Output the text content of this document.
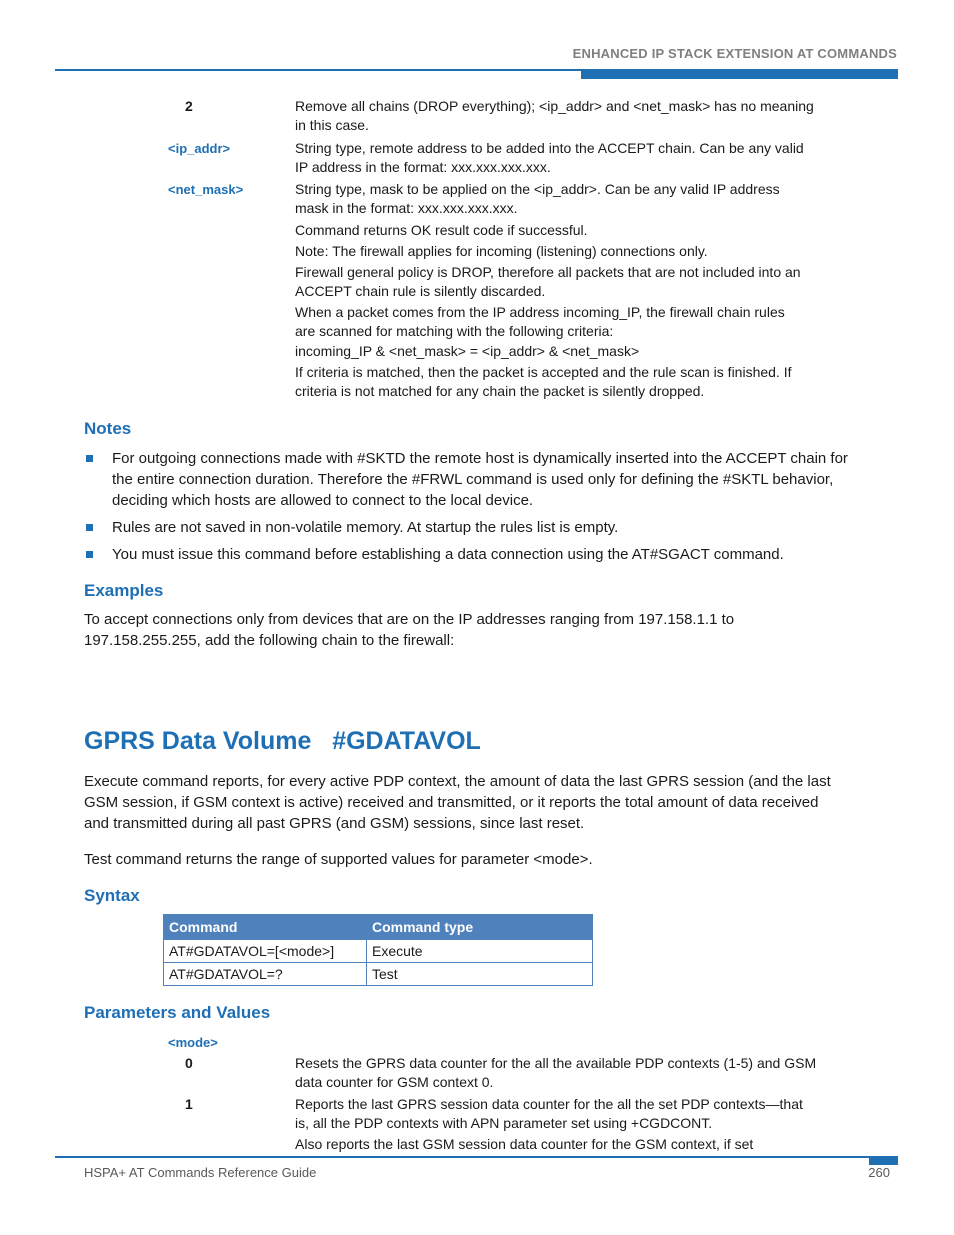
ENHANCED IP STACK EXTENSION AT COMMANDS
2	Remove all chains (DROP everything); <ip_addr> and <net_mask> has no meaning
in this case.
<ip_addr>	String type, remote address to be added into the ACCEPT chain. Can be any valid
IP address in the format: xxx.xxx.xxx.xxx.
<net_mask>	String type, mask to be applied on the <ip_addr>. Can be any valid IP address
mask in the format: xxx.xxx.xxx.xxx.
Command returns OK result code if successful.
Note: The firewall applies for incoming (listening) connections only.
Firewall general policy is DROP, therefore all packets that are not included into an
ACCEPT chain rule is silently discarded.
When a packet comes from the IP address incoming_IP, the firewall chain rules
are scanned for matching with the following criteria:
incoming_IP & <net_mask> = <ip_addr> & <net_mask>
If criteria is matched, then the packet is accepted and the rule scan is finished. If
criteria is not matched for any chain the packet is silently dropped.
Notes
For outgoing connections made with #SKTD the remote host is dynamically inserted into the ACCEPT chain for
the entire connection duration. Therefore the #FRWL command is used only for defining the #SKTL behavior,
deciding which hosts are allowed to connect to the local device.
Rules are not saved in non-volatile memory. At startup the rules list is empty.
You must issue this command before establishing a data connection using the AT#SGACT command.
Examples
To accept connections only from devices that are on the IP addresses ranging from 197.158.1.1 to
197.158.255.255, add the following chain to the firewall:
GPRS Data Volume   #GDATAVOL
Execute command reports, for every active PDP context, the amount of data the last GPRS session (and the last
GSM session, if GSM context is active) received and transmitted, or it reports the total amount of data received
and transmitted during all past GPRS (and GSM) sessions, since last reset.
Test command returns the range of supported values for parameter <mode>.
Syntax
Command	Command type
AT#GDATAVOL=[<mode>]	Execute
AT#GDATAVOL=?	Test
Parameters and Values
<mode>
0	Resets the GPRS data counter for the all the available PDP contexts (1-5) and GSM
data counter for GSM context 0.
1	Reports the last GPRS session data counter for the all the set PDP contexts—that
is, all the PDP contexts with APN parameter set using +CGDCONT.
Also reports the last GSM session data counter for the GSM context, if set
HSPA+ AT Commands Reference Guide	260
